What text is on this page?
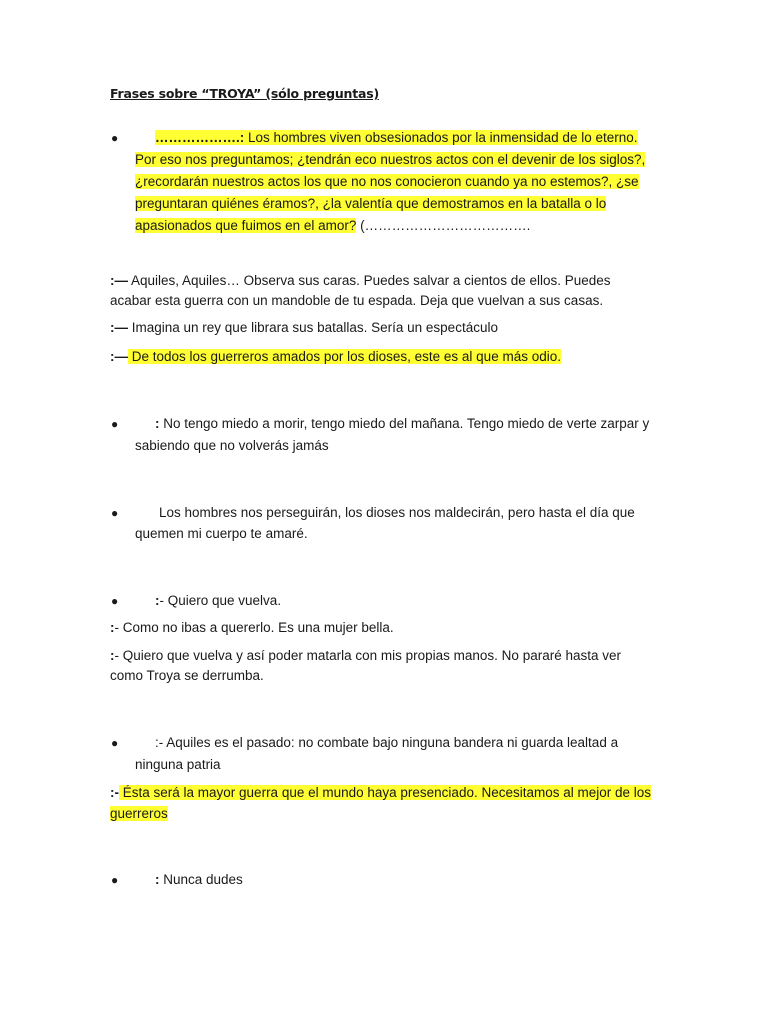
Frases sobre “TROYA” (sólo preguntas)
●	……………….: Los hombres viven obsesionados por la inmensidad de lo eterno.
Por eso nos preguntamos; ¿tendrán eco nuestros actos con el devenir de los siglos?,
¿recordarán nuestros actos los que no nos conocieron cuando ya no estemos?, ¿se
preguntaran quiénes éramos?, ¿la valentía que demostramos en la batalla o lo
apasionados que fuimos en el amor? (……………………………….
:— Aquiles, Aquiles… Observa sus caras. Puedes salvar a cientos de ellos. Puedes
acabar esta guerra con un mandoble de tu espada. Deja que vuelvan a sus casas.
:— Imagina un rey que librara sus batallas. Sería un espectáculo
:— De todos los guerreros amados por los dioses, este es al que más odio.
●	: No tengo miedo a morir, tengo miedo del mañana. Tengo miedo de verte zarpar y
sabiendo que no volverás jamás
●	Los hombres nos perseguirán, los dioses nos maldecirán, pero hasta el día que
quemen mi cuerpo te amaré.
●	:- Quiero que vuelva.
:- Como no ibas a quererlo. Es una mujer bella.
:- Quiero que vuelva y así poder matarla con mis propias manos. No pararé hasta ver
como Troya se derrumba.
●	:- Aquiles es el pasado: no combate bajo ninguna bandera ni guarda lealtad a
ninguna patria
:- Ésta será la mayor guerra que el mundo haya presenciado. Necesitamos al mejor de los
guerreros
●	: Nunca dudes
